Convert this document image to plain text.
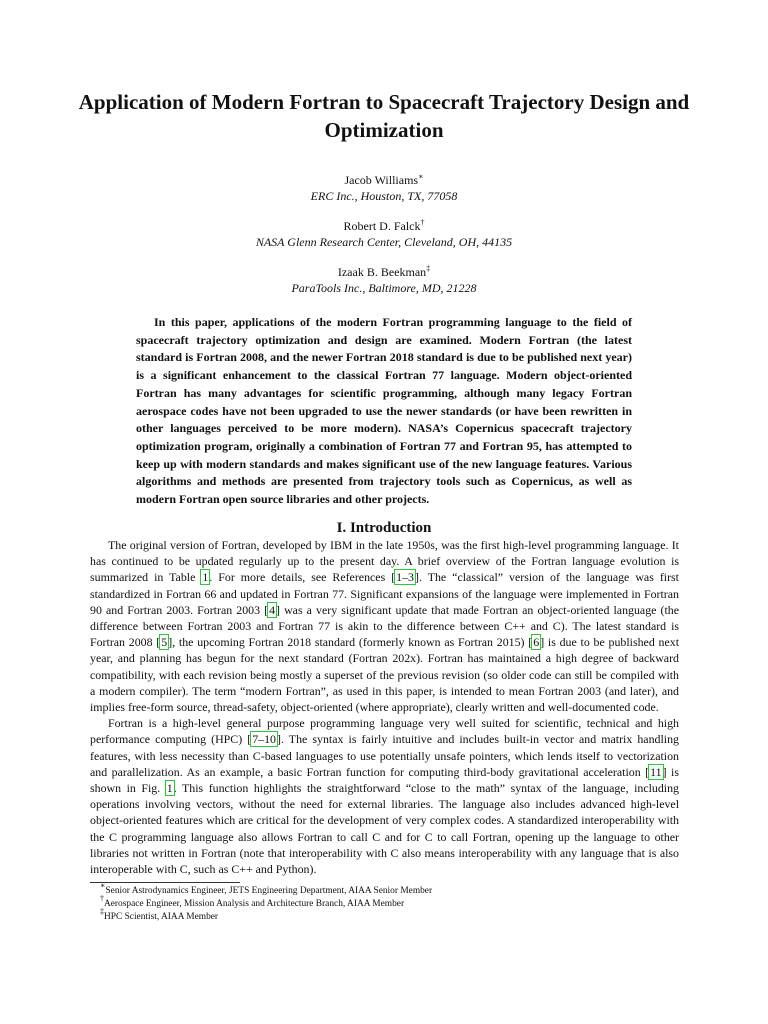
Application of Modern Fortran to Spacecraft Trajectory Design and Optimization
Jacob Williams∗
ERC Inc., Houston, TX, 77058
Robert D. Falck†
NASA Glenn Research Center, Cleveland, OH, 44135
Izaak B. Beekman‡
ParaTools Inc., Baltimore, MD, 21228
In this paper, applications of the modern Fortran programming language to the field of spacecraft trajectory optimization and design are examined. Modern Fortran (the latest standard is Fortran 2008, and the newer Fortran 2018 standard is due to be published next year) is a significant enhancement to the classical Fortran 77 language. Modern object-oriented Fortran has many advantages for scientific programming, although many legacy Fortran aerospace codes have not been upgraded to use the newer standards (or have been rewritten in other languages perceived to be more modern). NASA’s Copernicus spacecraft trajectory optimization program, originally a combination of Fortran 77 and Fortran 95, has attempted to keep up with modern standards and makes significant use of the new language features. Various algorithms and methods are presented from trajectory tools such as Copernicus, as well as modern Fortran open source libraries and other projects.
I. Introduction

The original version of Fortran, developed by IBM in the late 1950s, was the first high-level programming language. It has continued to be updated regularly up to the present day. A brief overview of the Fortran language evolution is summarized in Table 1. For more details, see References [1–3]. The “classical” version of the language was first standardized in Fortran 66 and updated in Fortran 77. Significant expansions of the language were implemented in Fortran 90 and Fortran 2003. Fortran 2003 [4] was a very significant update that made Fortran an object-oriented language (the difference between Fortran 2003 and Fortran 77 is akin to the difference between C++ and C). The latest standard is Fortran 2008 [5], the upcoming Fortran 2018 standard (formerly known as Fortran 2015) [6] is due to be published next year, and planning has begun for the next standard (Fortran 202x). Fortran has maintained a high degree of backward compatibility, with each revision being mostly a superset of the previous revision (so older code can still be compiled with a modern compiler). The term “modern Fortran”, as used in this paper, is intended to mean Fortran 2003 (and later), and implies free-form source, thread-safety, object-oriented (where appropriate), clearly written and well-documented code.

Fortran is a high-level general purpose programming language very well suited for scientific, technical and high performance computing (HPC) [7–10]. The syntax is fairly intuitive and includes built-in vector and matrix handling features, with less necessity than C-based languages to use potentially unsafe pointers, which lends itself to vectorization and parallelization. As an example, a basic Fortran function for computing third-body gravitational acceleration [11] is shown in Fig. 1. This function highlights the straightforward “close to the math” syntax of the language, including operations involving vectors, without the need for external libraries. The language also includes advanced high-level object-oriented features which are critical for the development of very complex codes. A standardized interoperability with the C programming language also allows Fortran to call C and for C to call Fortran, opening up the language to other libraries not written in Fortran (note that interoperability with C also means interoperability with any language that is also interoperable with C, such as C++ and Python).

∗Senior Astrodynamics Engineer, JETS Engineering Department, AIAA Senior Member
†Aerospace Engineer, Mission Analysis and Architecture Branch, AIAA Member
‡HPC Scientist, AIAA Member
